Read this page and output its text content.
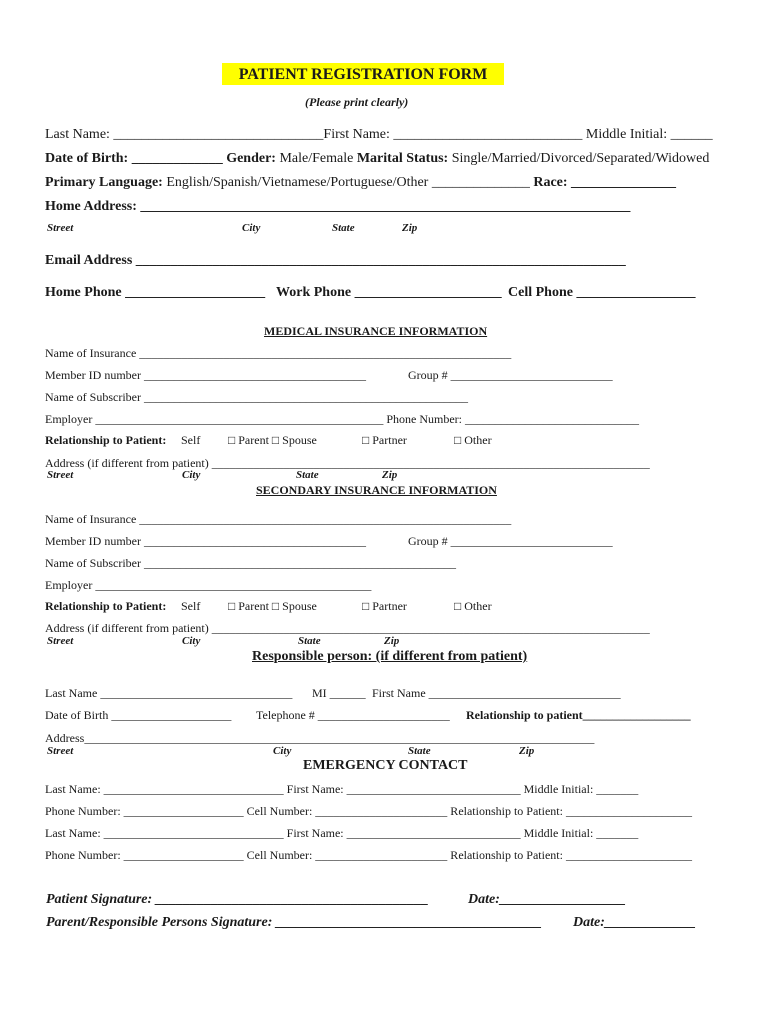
PATIENT REGISTRATION FORM
(Please print clearly)
Last Name: ______________________________First Name: ___________________________ Middle Initial: ______
Date of Birth: _____________ Gender: Male/Female Marital Status: Single/Married/Divorced/Separated/Widowed
Primary Language: English/Spanish/Vietnamese/Portuguese/Other ______________ Race: _______________
Home Address: ______________________________________________________________________
Street	City	State	Zip
Email Address ______________________________________________________________________
Home Phone ____________________ Work Phone _____________________ Cell Phone _________________
MEDICAL INSURANCE INFORMATION
Name of Insurance ______________________________________________________________
Member ID number _____________________________________	Group # ___________________________
Name of Subscriber ______________________________________________________
Employer ________________________________________________ Phone Number: _____________________________
Relationship to Patient: Self □ Parent □ Spouse	□ Partner	□ Other
Address (if different from patient) _________________________________________________________________________
Street	City	State	Zip
SECONDARY INSURANCE INFORMATION
Name of Insurance ______________________________________________________________
Member ID number _____________________________________	Group # ___________________________
Name of Subscriber ____________________________________________________
Employer ______________________________________________
Relationship to Patient: Self □ Parent □ Spouse	□ Partner	□ Other
Address (if different from patient) _________________________________________________________________________
Street	City	State	Zip
Responsible person: (if different from patient)
Last Name ________________________________ MI ______ First Name ________________________________
Date of Birth ____________________ Telephone # ______________________ Relationship to patient__________________
Address_____________________________________________________________________________________
Street	City	State	Zip
EMERGENCY CONTACT
Last Name: ______________________________ First Name: _____________________________ Middle Initial: _______
Phone Number: ____________________ Cell Number: ______________________ Relationship to Patient: _____________________
Last Name: ______________________________ First Name: _____________________________ Middle Initial: _______
Phone Number: ____________________ Cell Number: ______________________ Relationship to Patient: _____________________
Patient Signature: _______________________________________	Date:__________________
Parent/Responsible Persons Signature: ______________________________________ Date:_____________
